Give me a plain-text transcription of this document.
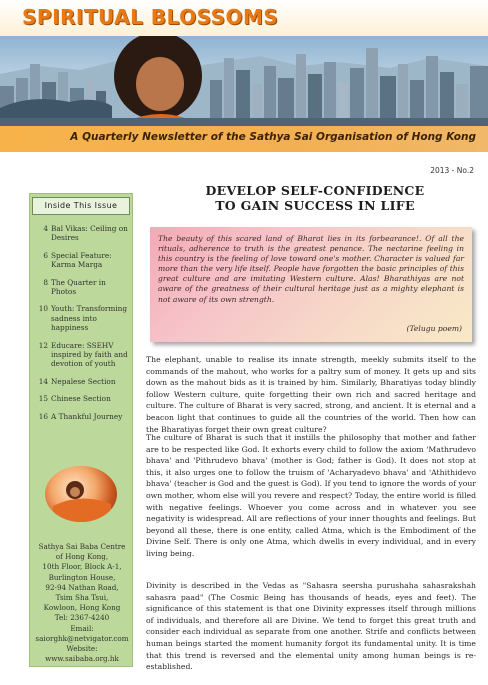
SPIRITUAL BLOSSOMS
A Quarterly Newsletter of the Sathya Sai Organisation of Hong Kong
2013 - No.2
Inside This Issue
4 Bal Vikas: Ceiling on Desires
6 Special Feature: Karma Marga
8 The Quarter in Photos
10 Youth: Transforming sadness into happiness
12 Educare: SSEHV inspired by faith and devotion of youth
14 Nepalese Section
15 Chinese Section
16 A Thankful Journey
Sathya Sai Baba Centre
of Hong Kong,
10th Floor, Block A-1,
Burlington House,
92-94 Nathan Road,
Tsim Sha Tsui,
Kowloon, Hong Kong
Tel: 2367-4240
Email:
saiorghk@netvigator.com
Website:
www.saibaba.org.hk
DEVELOP SELF-CONFIDENCE
TO GAIN SUCCESS IN LIFE
The beauty of this scared land of Bharat lies in its forbearance!. Of all the rituals, adherence to truth is the greatest penance. The nectarine feeling in this country is the feeling of love toward one's mother. Character is valued far more than the very life itself. People have forgotten the basic principles of this great culture and are imitating Western culture. Alas! Bharathiyas are not aware of the greatness of their cultural heritage just as a mighty elephant is not aware of its own strength.
(Telugu poem)
The elephant, unable to realise its innate strength, meekly submits itself to the commands of the mahout, who works for a paltry sum of money. It gets up and sits down as the mahout bids as it is trained by him. Similarly, Bharatiyas today blindly follow Western culture, quite forgetting their own rich and sacred heritage and culture. The culture of Bharat is very sacred, strong, and ancient. It is eternal and a beacon light that continues to guide all the countries of the world. Then how can the Bharatiyas forget their own great culture?
The culture of Bharat is such that it instills the philosophy that mother and father are to be respected like God. It exhorts every child to follow the axiom 'Mathrudevo bhava' and 'Pithrudevo bhava' (mother is God; father is God). It does not stop at this, it also urges one to follow the truism of 'Acharyadevo bhava' and 'Athithidevo bhava' (teacher is God and the guest is God). If you tend to ignore the words of your own mother, whom else will you revere and respect? Today, the entire world is filled with negative feelings. Whoever you come across and in whatever you see negativity is widespread. All are reflections of your inner thoughts and feelings. But beyond all these, there is one entity, called Atma, which is the Embodiment of the Divine Self. There is only one Atma, which dwells in every individual, and in every living being.
Divinity is described in the Vedas as "Sahasra seersha purushaha sahasrakshah sahasra paad" (The Cosmic Being has thousands of heads, eyes and feet). The significance of this statement is that one Divinity expresses itself through millions of individuals, and therefore all are Divine. We tend to forget this great truth and consider each individual as separate from one another. Strife and conflicts between human beings started the moment humanity forgot its fundamental unity. It is time that this trend is reversed and the elemental unity among human beings is re-established.
